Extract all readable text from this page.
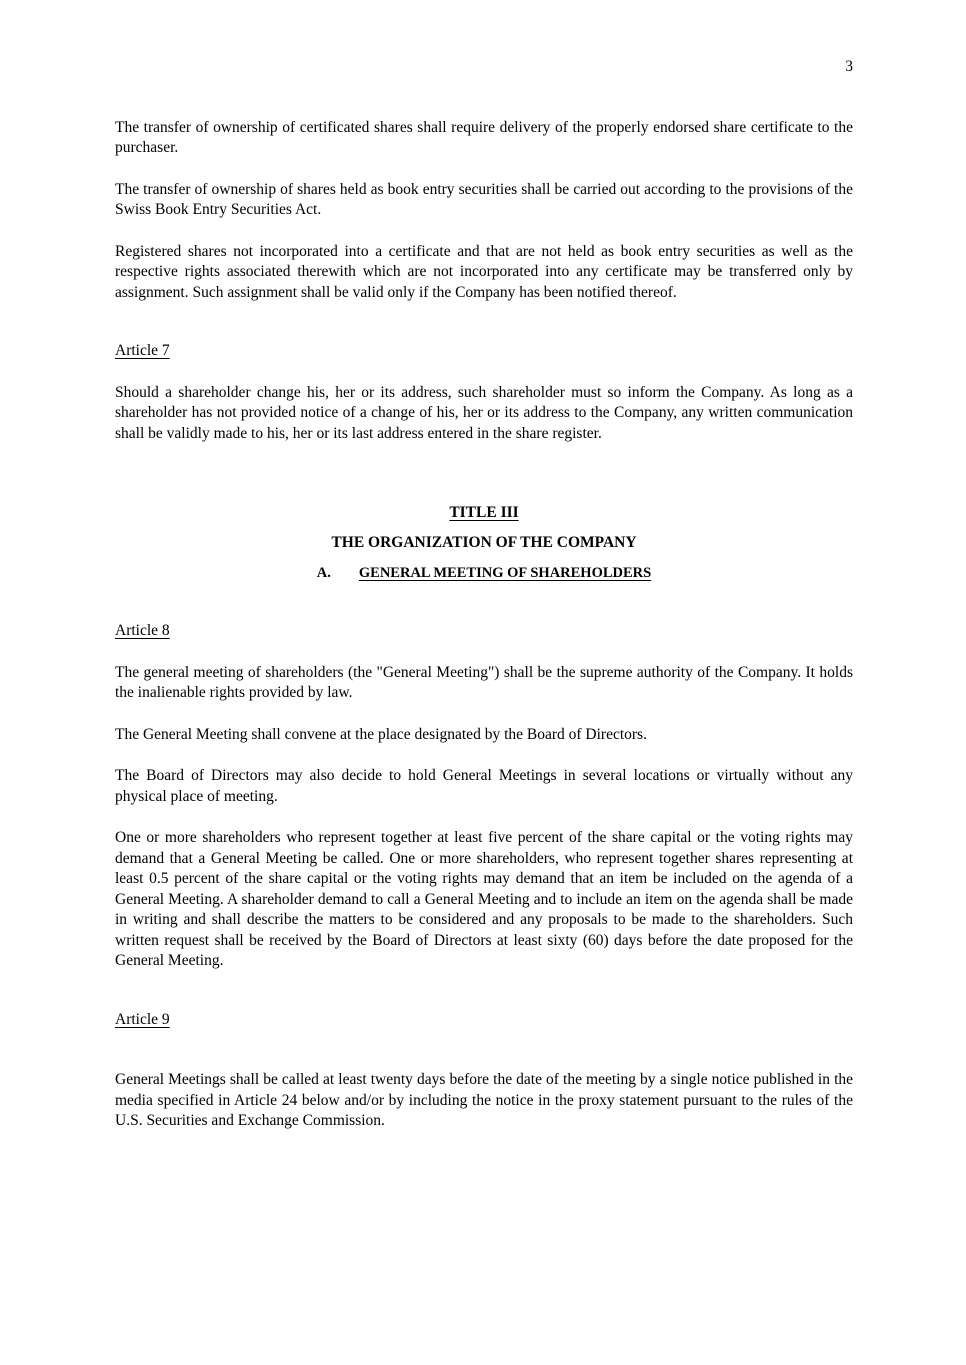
3

The transfer of ownership of certificated shares shall require delivery of the properly endorsed share certificate to the purchaser.

The transfer of ownership of shares held as book entry securities shall be carried out according to the provisions of the Swiss Book Entry Securities Act.

Registered shares not incorporated into a certificate and that are not held as book entry securities as well as the respective rights associated therewith which are not incorporated into any certificate may be transferred only by assignment. Such assignment shall be valid only if the Company has been notified thereof.

Article 7

Should a shareholder change his, her or its address, such shareholder must so inform the Company. As long as a shareholder has not provided notice of a change of his, her or its address to the Company, any written communication shall be validly made to his, her or its last address entered in the share register.

TITLE III
THE ORGANIZATION OF THE COMPANY
A. GENERAL MEETING OF SHAREHOLDERS
Article 8

The general meeting of shareholders (the "General Meeting") shall be the supreme authority of the Company. It holds the inalienable rights provided by law.

The General Meeting shall convene at the place designated by the Board of Directors.

The Board of Directors may also decide to hold General Meetings in several locations or virtually without any physical place of meeting.

One or more shareholders who represent together at least five percent of the share capital or the voting rights may demand that a General Meeting be called. One or more shareholders, who represent together shares representing at least 0.5 percent of the share capital or the voting rights may demand that an item be included on the agenda of a General Meeting. A shareholder demand to call a General Meeting and to include an item on the agenda shall be made in writing and shall describe the matters to be considered and any proposals to be made to the shareholders. Such written request shall be received by the Board of Directors at least sixty (60) days before the date proposed for the General Meeting.

Article 9

General Meetings shall be called at least twenty days before the date of the meeting by a single notice published in the media specified in Article 24 below and/or by including the notice in the proxy statement pursuant to the rules of the U.S. Securities and Exchange Commission.
